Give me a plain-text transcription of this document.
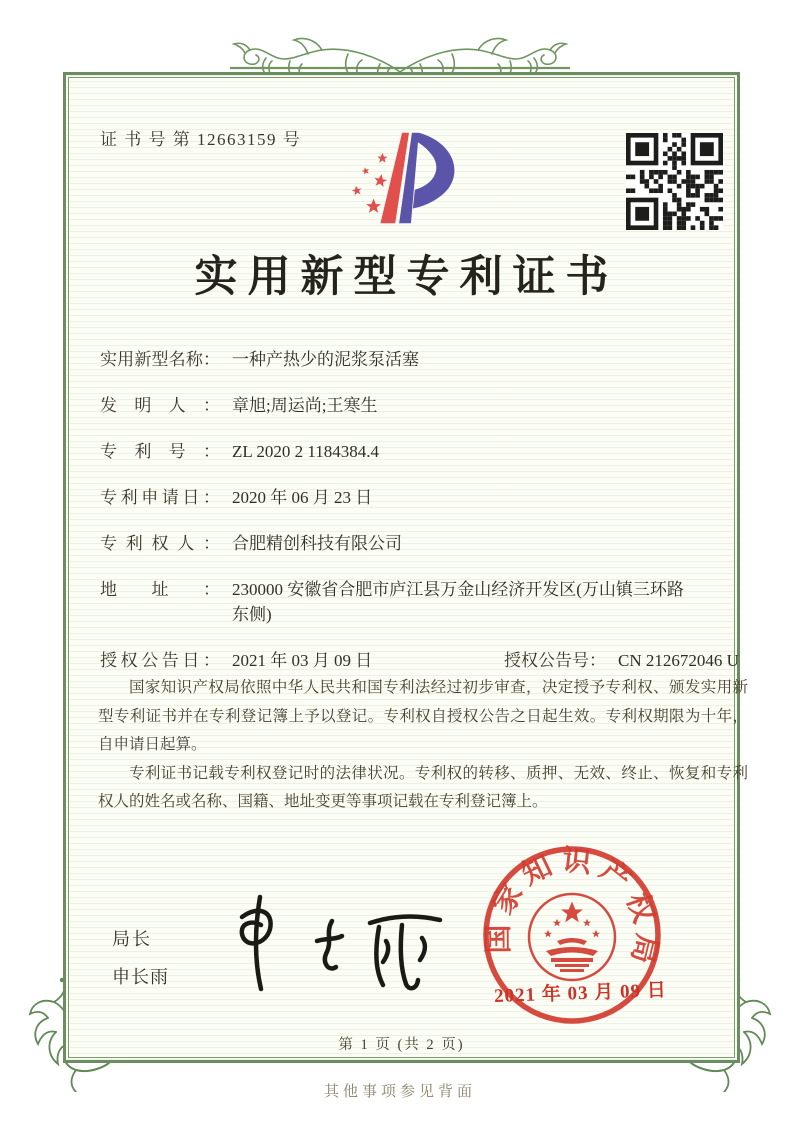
证 书 号 第 12663159 号
实用新型专利证书
实用新型名称： 一种产热少的泥浆泵活塞
发明人： 章旭;周运尚;王寒生
专利号： ZL 2020 2 1184384.4
专利申请日： 2020 年 06 月 23 日
专利权人： 合肥精创科技有限公司
地址： 230000 安徽省合肥市庐江县万金山经济开发区(万山镇三环路东侧)
授权公告日： 2021 年 03 月 09 日	授权公告号： CN 212672046 U

国家知识产权局依照中华人民共和国专利法经过初步审查，决定授予专利权、颁发实用新型专利证书并在专利登记簿上予以登记。专利权自授权公告之日起生效。专利权期限为十年，自申请日起算。

专利证书记载专利权登记时的法律状况。专利权的转移、质押、无效、终止、恢复和专利权人的姓名或名称、国籍、地址变更等事项记载在专利登记簿上。

局长
申长雨
国家知识产权局
2021 年 03 月 09 日
第 1 页 (共 2 页)
其他事项参见背面
